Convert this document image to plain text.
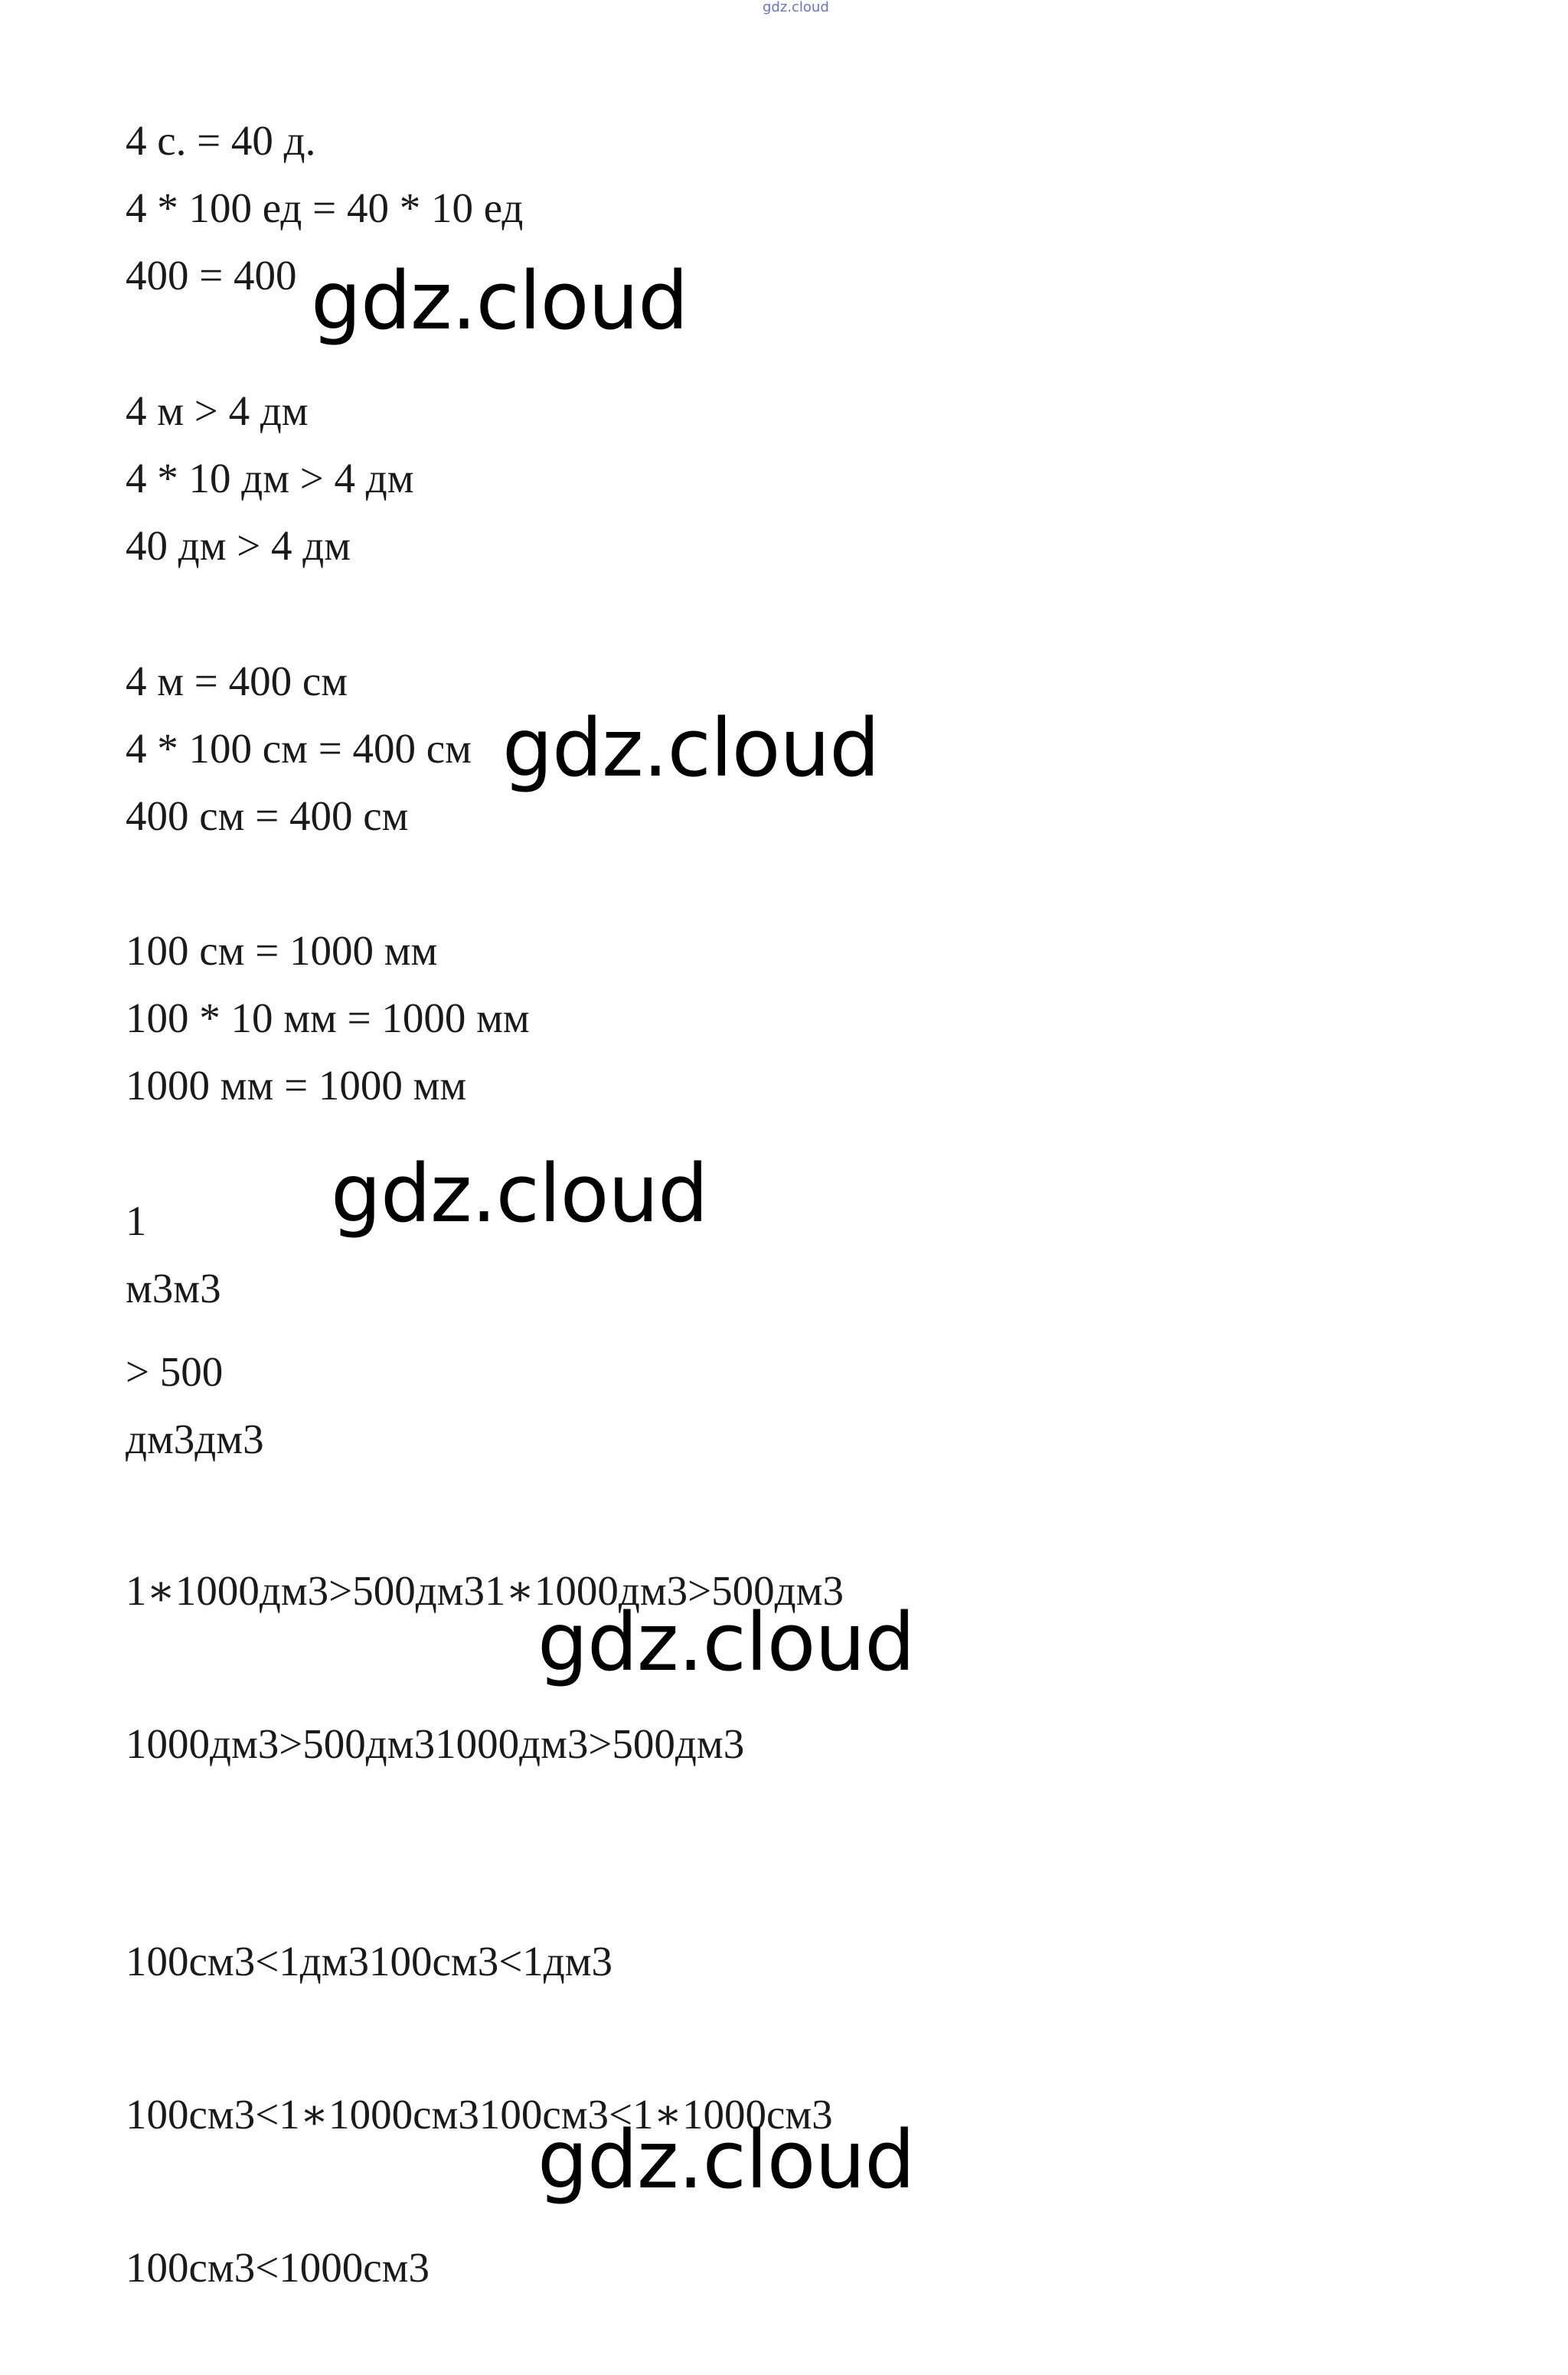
gdz.cloud

4 с. = 40 д.

4 * 100 ед = 40 * 10 ед

400 = 400

4 м > 4 дм

4 * 10 дм > 4 дм

40 дм > 4 дм

4 м = 400 см

4 * 100 см = 400 см

400 см = 400 см

100 см = 1000 мм

100 * 10 мм = 1000 мм

1000 мм = 1000 мм

1

м3м3

> 500

дм3дм3

1∗1000дм3>500дм31∗1000дм3>500дм3

1000дм3>500дм31000дм3>500дм3

100см3<1дм3100см3<1дм3

100см3<1∗1000см3100см3<1∗1000см3

100см3<1000см3

gdz.cloud
gdz.cloud
gdz.cloud
gdz.cloud
gdz.cloud
